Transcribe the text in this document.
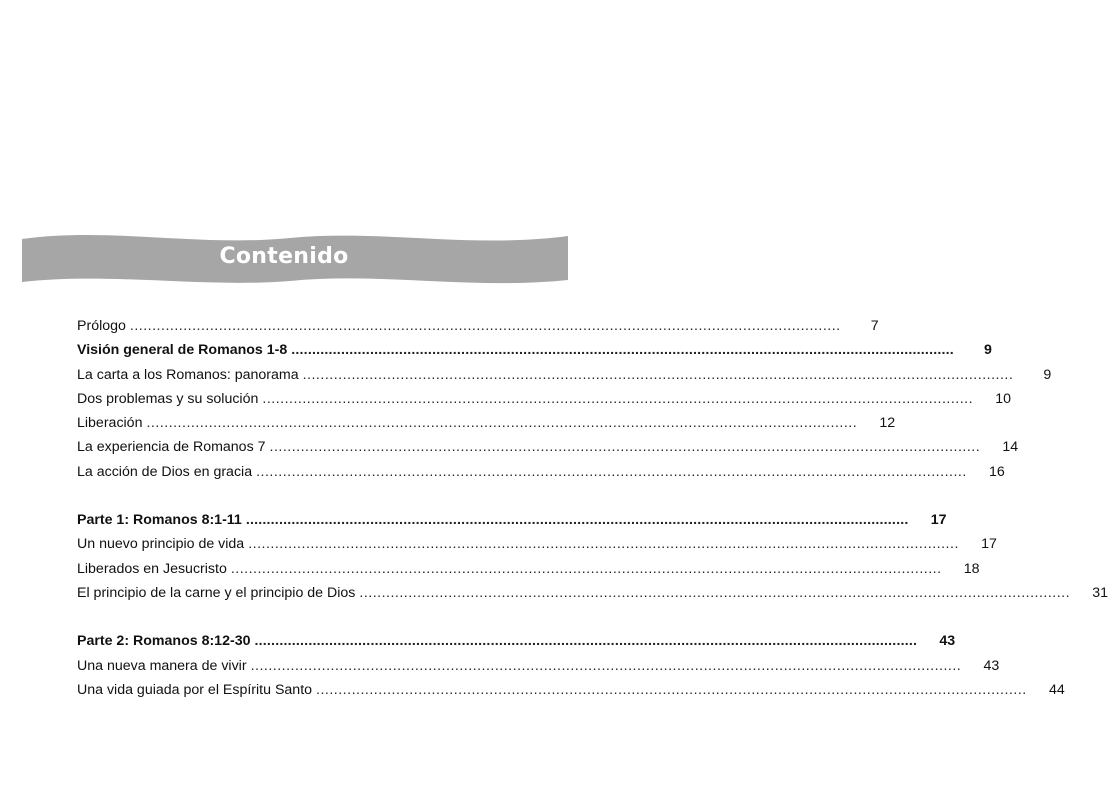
Contenido
Prólogo ................................................................................................................................................................	7
Visión general de Romanos 1-8 ................................................................................................................................................................	9
La carta a los Romanos: panorama ................................................................................................................................................................	9
Dos problemas y su solución ................................................................................................................................................................	10
Liberación ................................................................................................................................................................	12
La experiencia de Romanos 7 ................................................................................................................................................................	14
La acción de Dios en gracia ................................................................................................................................................................	16
Parte 1: Romanos 8:1-11 ................................................................................................................................................................	17
Un nuevo principio de vida ................................................................................................................................................................	17
Liberados en Jesucristo ................................................................................................................................................................	18
El principio de la carne y el principio de Dios ................................................................................................................................................................	31
Parte 2: Romanos 8:12-30 ................................................................................................................................................................	43
Una nueva manera de vivir ................................................................................................................................................................	43
Una vida guiada por el Espíritu Santo ................................................................................................................................................................	44
